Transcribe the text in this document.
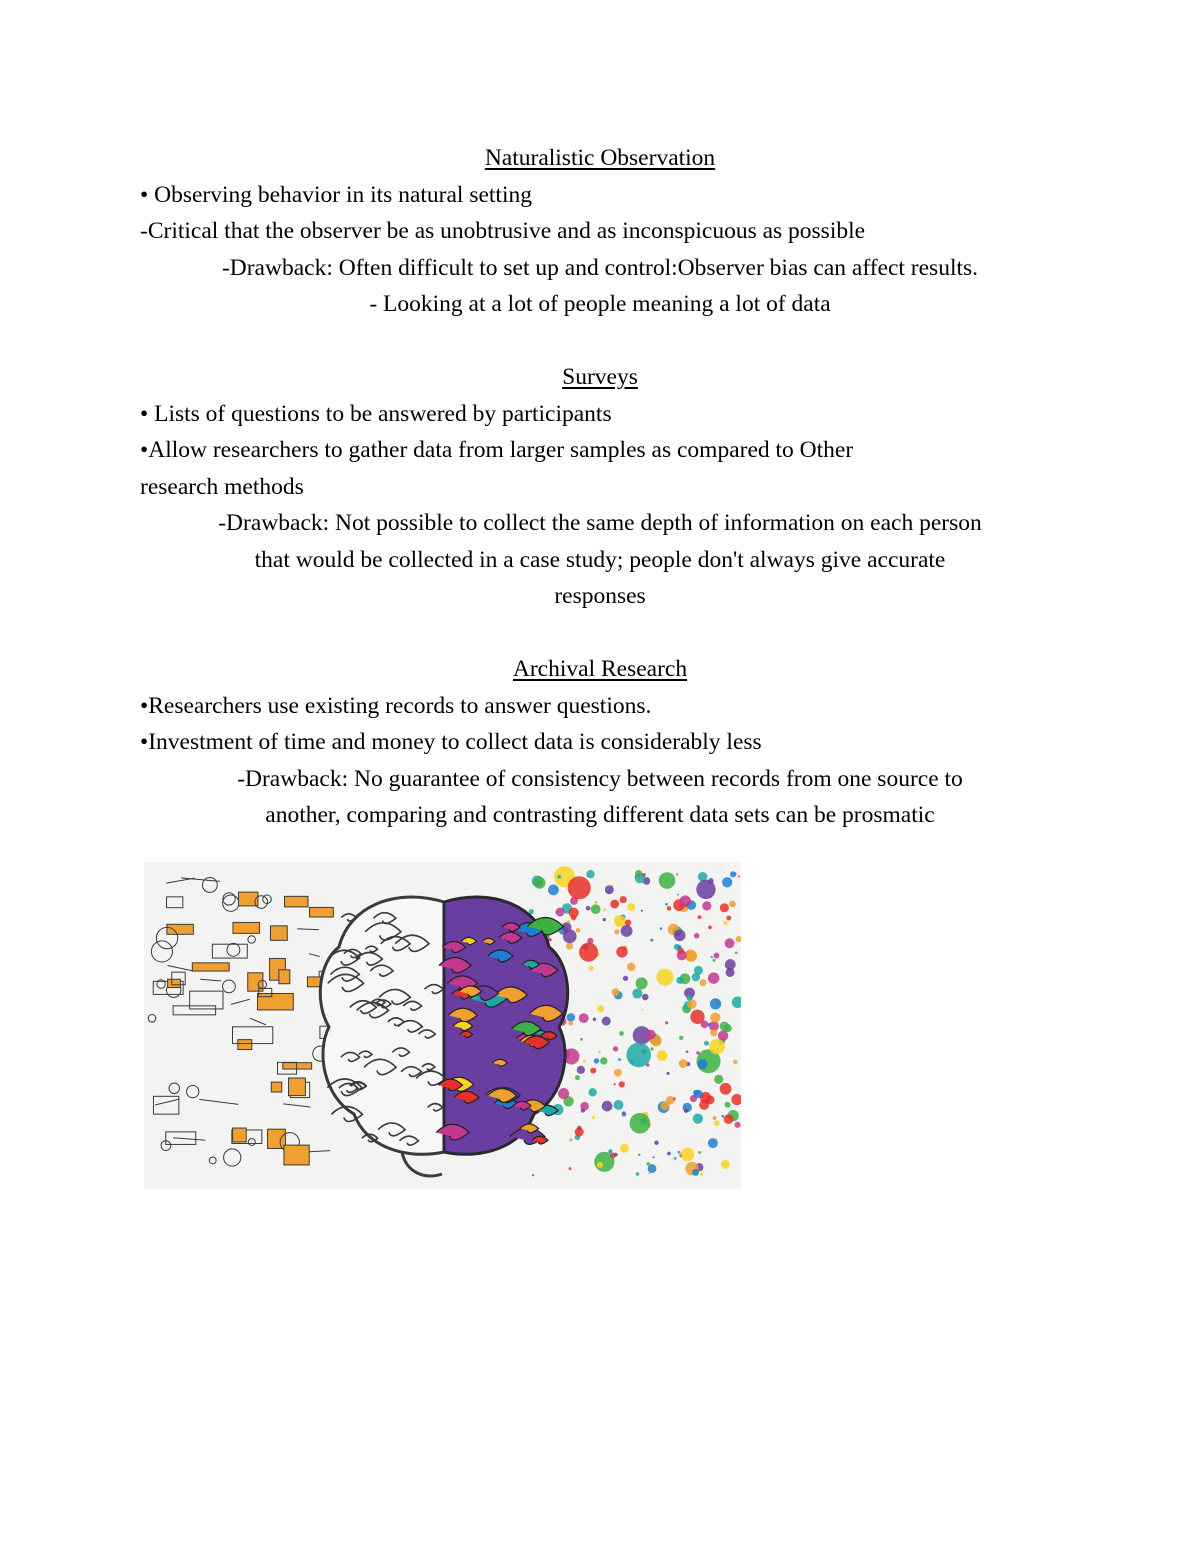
Naturalistic Observation

• Observing behavior in its natural setting

-Critical that the observer be as unobtrusive and as inconspicuous as possible

-Drawback: Often difficult to set up and control:Observer bias can affect results.

- Looking at a lot of people meaning a lot of data

Surveys

• Lists of questions to be answered by participants

•Allow researchers to gather data from larger samples as compared to Other

research methods

-Drawback: Not possible to collect the same depth of information on each person

that would be collected in a case study; people don't always give accurate

responses

Archival Research

•Researchers use existing records to answer questions.

•Investment of time and money to collect data is considerably less

-Drawback: No guarantee of consistency between records from one source to

another, comparing and contrasting different data sets can be prosmatic
